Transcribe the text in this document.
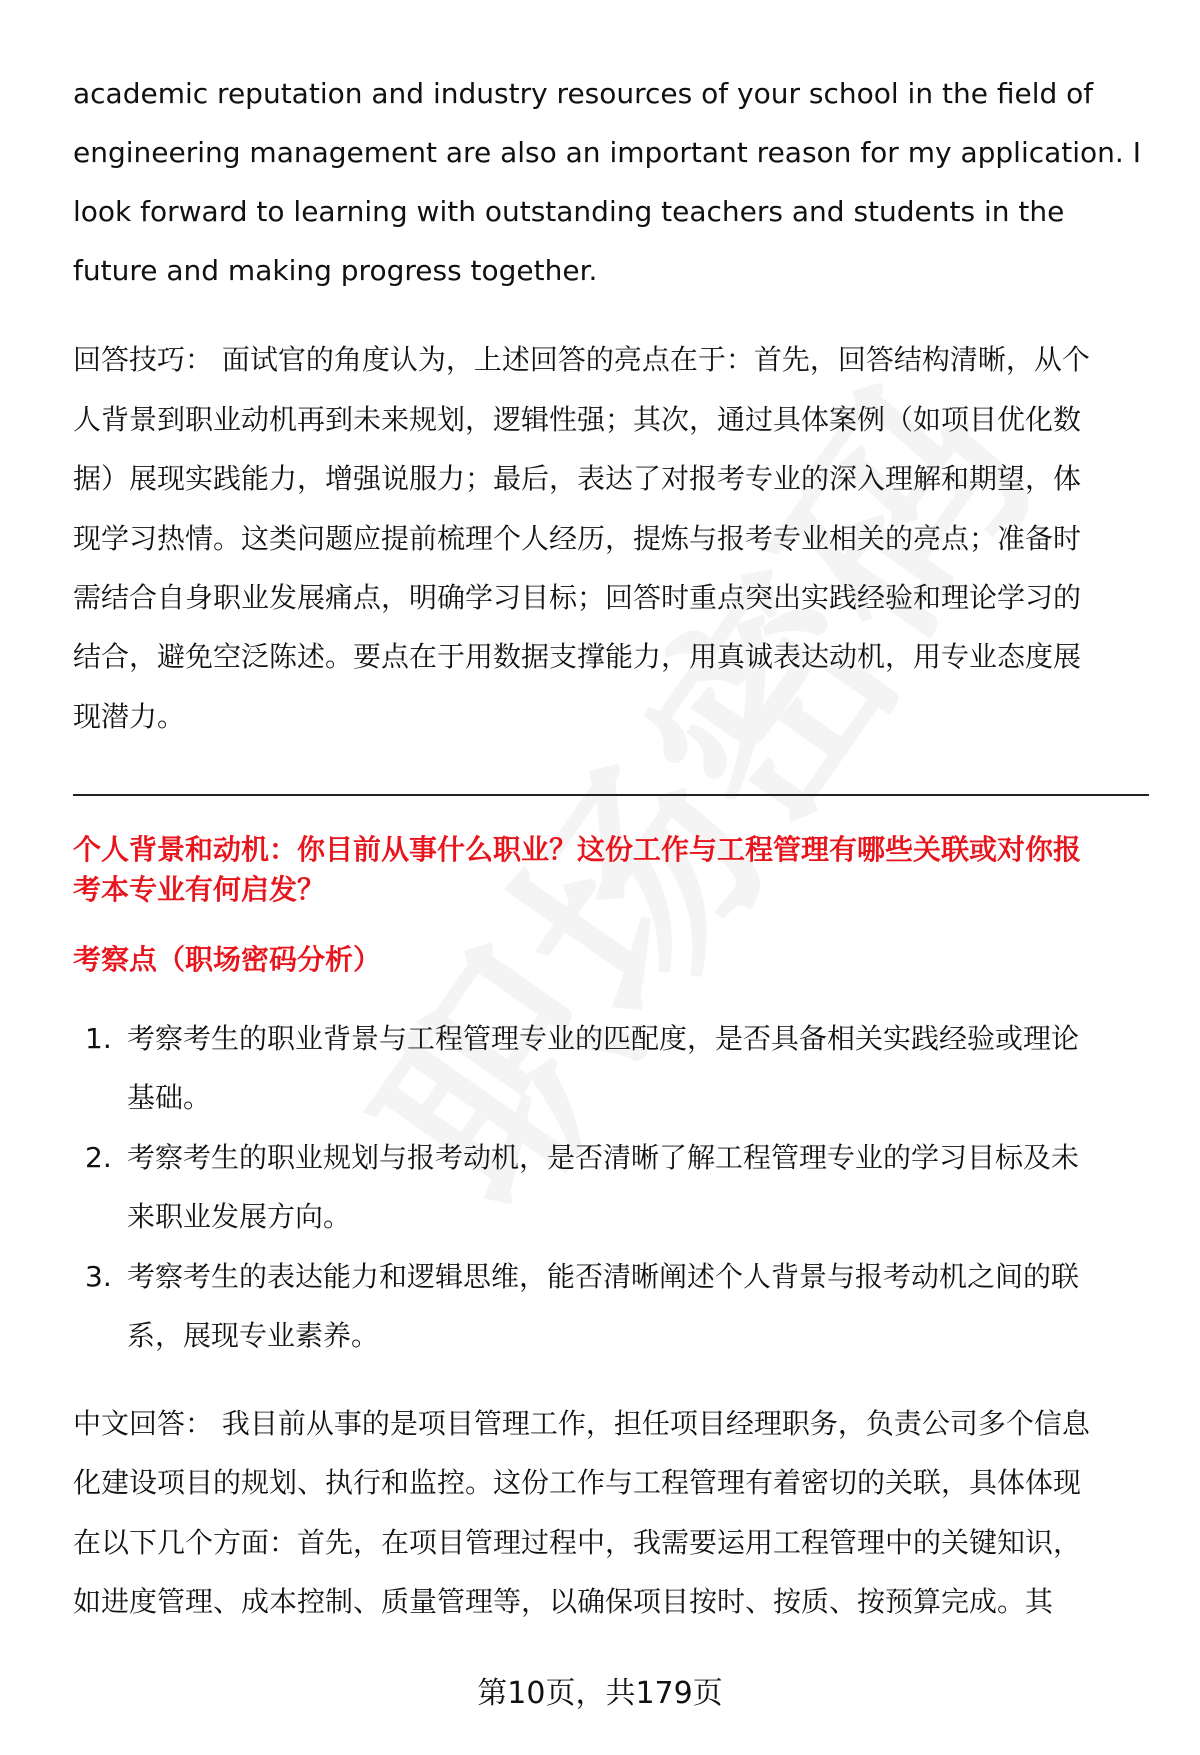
academic reputation and industry resources of your school in the field of
engineering management are also an important reason for my application. I
look forward to learning with outstanding teachers and students in the
future and making progress together.
回答技巧： 面试官的角度认为，上述回答的亮点在于：首先，回答结构清晰，从个
人背景到职业动机再到未来规划，逻辑性强；其次，通过具体案例（如项目优化数
据）展现实践能力，增强说服力；最后，表达了对报考专业的深入理解和期望，体
现学习热情。这类问题应提前梳理个人经历，提炼与报考专业相关的亮点；准备时
需结合自身职业发展痛点，明确学习目标；回答时重点突出实践经验和理论学习的
结合，避免空泛陈述。要点在于用数据支撑能力，用真诚表达动机，用专业态度展
现潜力。
个人背景和动机：你目前从事什么职业？这份工作与工程管理有哪些关联或对你报
考本专业有何启发？
考察点（职场密码分析）
1. 考察考生的职业背景与工程管理专业的匹配度，是否具备相关实践经验或理论
基础。
2. 考察考生的职业规划与报考动机，是否清晰了解工程管理专业的学习目标及未
来职业发展方向。
3. 考察考生的表达能力和逻辑思维，能否清晰阐述个人背景与报考动机之间的联
系，展现专业素养。
中文回答： 我目前从事的是项目管理工作，担任项目经理职务，负责公司多个信息
化建设项目的规划、执行和监控。这份工作与工程管理有着密切的关联，具体体现
在以下几个方面：首先，在项目管理过程中，我需要运用工程管理中的关键知识，
如进度管理、成本控制、质量管理等，以确保项目按时、按质、按预算完成。其
第10页，共179页
